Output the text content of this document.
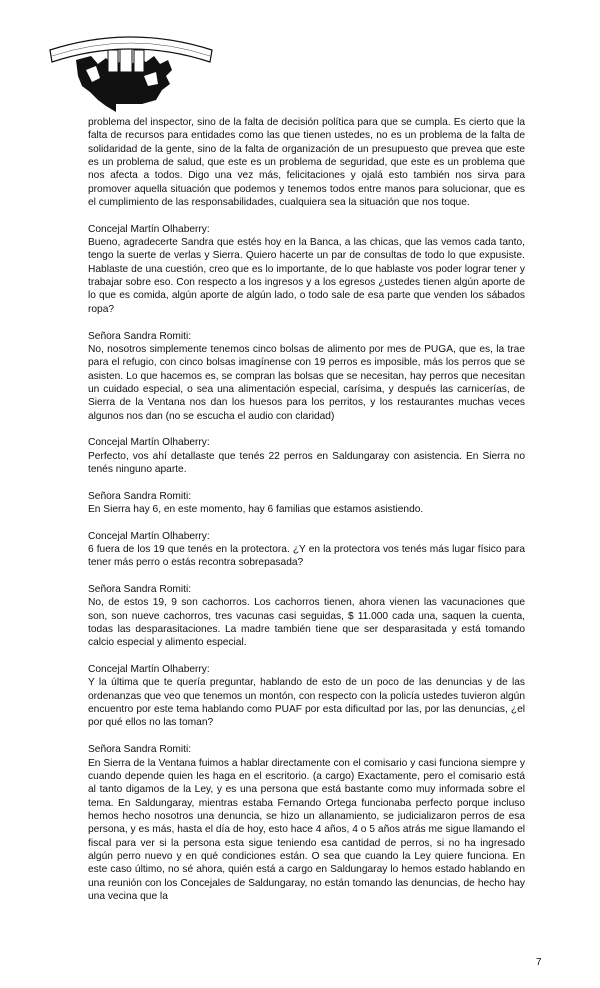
problema del inspector, sino de la falta de decisión política para que se cumpla. Es cierto que la falta de recursos para entidades como las que tienen ustedes, no es un problema de la falta de solidaridad de la gente, sino de la falta de organización de un presupuesto que prevea que este es un problema de salud, que este es un problema de seguridad, que este es un problema que nos afecta a todos. Digo una vez más, felicitaciones y ojalá esto también nos sirva para promover aquella situación que podemos y tenemos todos entre manos para solucionar, que es el cumplimiento de las responsabilidades, cualquiera sea la situación que nos toque.
Concejal Martín Olhaberry:
Bueno, agradecerte Sandra que estés hoy en la Banca, a las chicas, que las vemos cada tanto, tengo la suerte de verlas y Sierra. Quiero hacerte un par de consultas de todo lo que expusiste. Hablaste de una cuestión, creo que es lo importante, de lo que hablaste vos poder lograr tener y trabajar sobre eso. Con respecto a los ingresos y a los egresos ¿ustedes tienen algún aporte de lo que es comida, algún aporte de algún lado, o todo sale de esa parte que venden los sábados ropa?
Señora Sandra Romiti:
No, nosotros simplemente tenemos cinco bolsas de alimento por mes de PUGA, que es, la trae para el refugio, con cinco bolsas imagínense con 19 perros es imposible, más los perros que se asisten. Lo que hacemos es, se compran las bolsas que se necesitan, hay perros que necesitan un cuidado especial, o sea una alimentación especial, carísima, y después las carnicerías, de Sierra de la Ventana nos dan los huesos para los perritos, y los restaurantes muchas veces algunos nos dan (no se escucha el audio con claridad)
Concejal Martín Olhaberry:
Perfecto, vos ahí detallaste que tenés 22 perros en Saldungaray con asistencia. En Sierra no tenés ninguno aparte.
Señora Sandra Romiti:
En Sierra hay 6, en este momento, hay 6 familias que estamos asistiendo.
Concejal Martín Olhaberry:
6 fuera de los 19 que tenés en la protectora. ¿Y en la protectora vos tenés más lugar físico para tener más perro o estás recontra sobrepasada?
Señora Sandra Romiti:
No, de estos 19, 9 son cachorros. Los cachorros tienen, ahora vienen las vacunaciones que son, son nueve cachorros, tres vacunas casi seguidas, $ 11.000 cada una, saquen la cuenta, todas las desparasitaciones. La madre también tiene que ser desparasitada y está tomando calcio especial y alimento especial.
Concejal Martín Olhaberry:
Y la última que te quería preguntar, hablando de esto de un poco de las denuncias y de las ordenanzas que veo que tenemos un montón, con respecto con la policía ustedes tuvieron algún encuentro por este tema hablando como PUAF por esta dificultad por las, por las denuncias, ¿el por qué ellos no las toman?
Señora Sandra Romiti:
En Sierra de la Ventana fuimos a hablar directamente con el comisario y casi funciona siempre y cuando depende quien les haga en el escritorio. (a cargo) Exactamente, pero el comisario está al tanto digamos de la Ley, y es una persona que está bastante como muy informada sobre el tema. En Saldungaray, mientras estaba Fernando Ortega funcionaba perfecto porque incluso hemos hecho nosotros una denuncia, se hizo un allanamiento, se judicializaron perros de esa persona, y es más, hasta el día de hoy, esto hace 4 años, 4 o 5 años atrás me sigue llamando el fiscal para ver si la persona esta sigue teniendo esa cantidad de perros, si no ha ingresado algún perro nuevo y en qué condiciones están. O sea que cuando la Ley quiere funciona. En este caso último, no sé ahora, quién está a cargo en Saldungaray lo hemos estado hablando en una reunión con los Concejales de Saldungaray, no están tomando las denuncias, de hecho hay una vecina que la
7
